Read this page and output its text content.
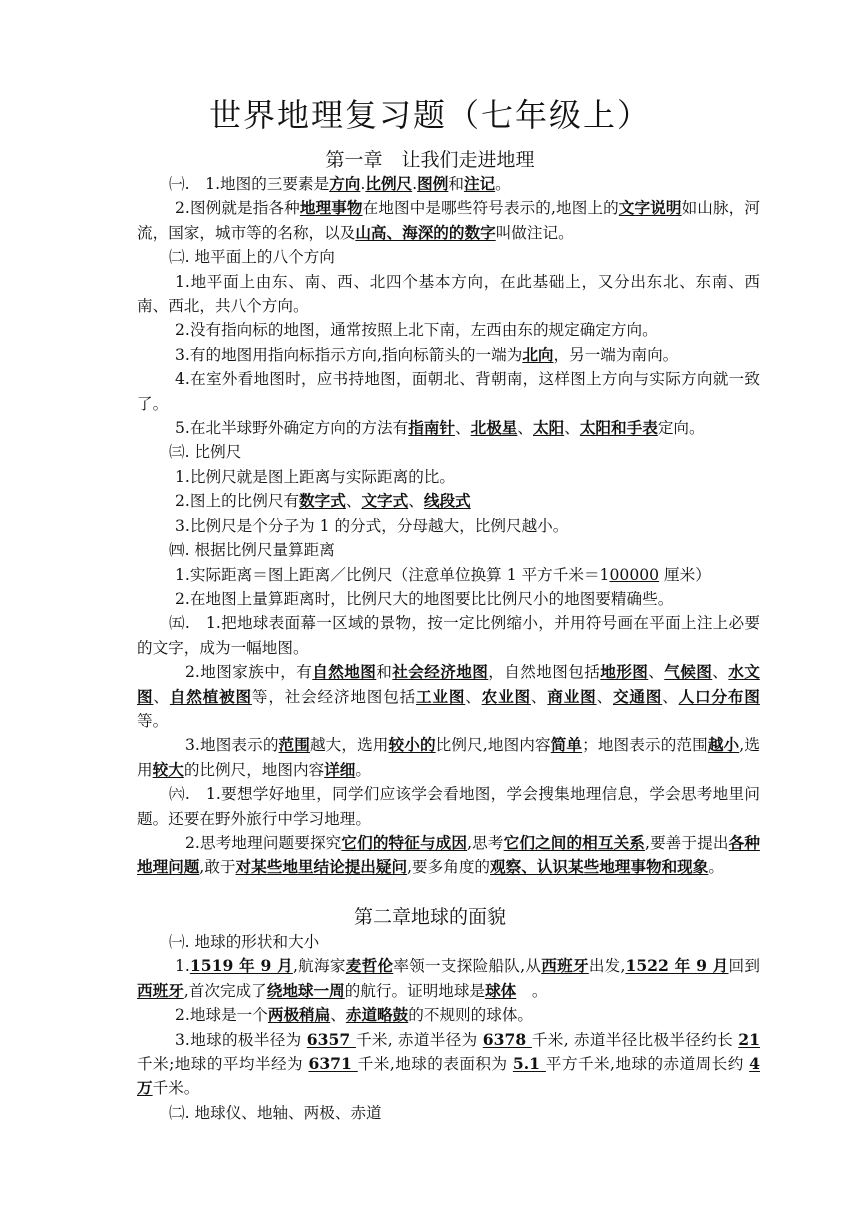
世界地理复习题（七年级上）
第一章　让我们走进地理

㈠.　1.地图的三要素是方向.比例尺.图例和注记。

2.图例就是指各种地理事物在地图中是哪些符号表示的,地图上的文字说明如山脉，河流，国家，城市等的名称，以及山高、海深的的数字叫做注记。

㈡. 地平面上的八个方向

1.地平面上由东、南、西、北四个基本方向，在此基础上，又分出东北、东南、西南、西北，共八个方向。

2.没有指向标的地图，通常按照上北下南，左西由东的规定确定方向。

3.有的地图用指向标指示方向,指向标箭头的一端为北向，另一端为南向。

4.在室外看地图时，应书持地图，面朝北、背朝南，这样图上方向与实际方向就一致了。

5.在北半球野外确定方向的方法有指南针、北极星、太阳、太阳和手表定向。

㈢. 比例尺

1.比例尺就是图上距离与实际距离的比。

2.图上的比例尺有数字式、文字式、线段式

3.比例尺是个分子为 1 的分式，分母越大，比例尺越小。

㈣. 根据比例尺量算距离

1.实际距离＝图上距离／比例尺（注意单位换算 1 平方千米＝100000 厘米）

2.在地图上量算距离时，比例尺大的地图要比比例尺小的地图要精确些。

㈤.　1.把地球表面幕一区域的景物，按一定比例缩小，并用符号画在平面上注上必要的文字，成为一幅地图。

2.地图家族中，有自然地图和社会经济地图，自然地图包括地形图、气候图、水文图、自然植被图等，社会经济地图包括工业图、农业图、商业图、交通图、人口分布图等。

3.地图表示的范围越大，选用较小的比例尺,地图内容简单；地图表示的范围越小,选用较大的比例尺，地图内容详细。

㈥.　1.要想学好地里，同学们应该学会看地图，学会搜集地理信息，学会思考地里问题。还要在野外旅行中学习地理。

2.思考地理问题要探究它们的特征与成因,思考它们之间的相互关系,要善于提出各种地理问题,敢于对某些地里结论提出疑问,要多角度的观察、认识某些地理事物和现象。

第二章地球的面貌

㈠. 地球的形状和大小

1.1519 年 9 月,航海家麦哲伦率领一支探险船队,从西班牙出发,1522 年 9 月回到西班牙,首次完成了绕地球一周的航行。证明地球是球体　。

2.地球是一个两极稍扁、赤道略鼓的不规则的球体。

3.地球的极半径为 6357 千米, 赤道半径为 6378 千米, 赤道半径比极半径约长 21 千米;地球的平均半经为 6371 千米,地球的表面积为 5.1 平方千米,地球的赤道周长约 4 万千米。

㈡. 地球仪、地轴、两极、赤道
